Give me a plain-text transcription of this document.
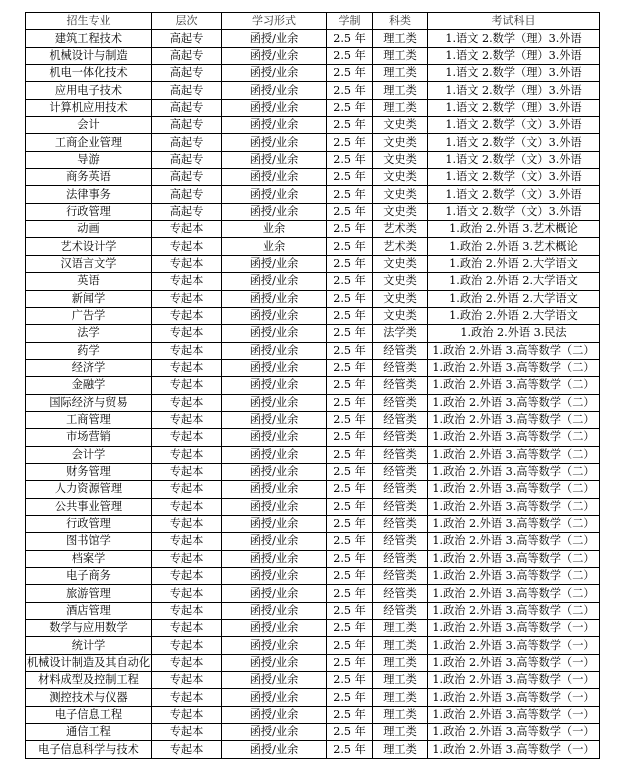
招生专业	层次	学习形式	学制	科类	考试科目
建筑工程技术	高起专	函授/业余	2.5 年	理工类	1.语文 2.数学（理）3.外语
机械设计与制造	高起专	函授/业余	2.5 年	理工类	1.语文 2.数学（理）3.外语
机电一体化技术	高起专	函授/业余	2.5 年	理工类	1.语文 2.数学（理）3.外语
应用电子技术	高起专	函授/业余	2.5 年	理工类	1.语文 2.数学（理）3.外语
计算机应用技术	高起专	函授/业余	2.5 年	理工类	1.语文 2.数学（理）3.外语
会计	高起专	函授/业余	2.5 年	文史类	1.语文 2.数学（文）3.外语
工商企业管理	高起专	函授/业余	2.5 年	文史类	1.语文 2.数学（文）3.外语
导游	高起专	函授/业余	2.5 年	文史类	1.语文 2.数学（文）3.外语
商务英语	高起专	函授/业余	2.5 年	文史类	1.语文 2.数学（文）3.外语
法律事务	高起专	函授/业余	2.5 年	文史类	1.语文 2.数学（文）3.外语
行政管理	高起专	函授/业余	2.5 年	文史类	1.语文 2.数学（文）3.外语
动画	专起本	业余	2.5 年	艺术类	1.政治 2.外语 3.艺术概论
艺术设计学	专起本	业余	2.5 年	艺术类	1.政治 2.外语 3.艺术概论
汉语言文学	专起本	函授/业余	2.5 年	文史类	1.政治 2.外语 2.大学语文
英语	专起本	函授/业余	2.5 年	文史类	1.政治 2.外语 2.大学语文
新闻学	专起本	函授/业余	2.5 年	文史类	1.政治 2.外语 2.大学语文
广告学	专起本	函授/业余	2.5 年	文史类	1.政治 2.外语 2.大学语文
法学	专起本	函授/业余	2.5 年	法学类	1.政治 2.外语 3.民法
药学	专起本	函授/业余	2.5 年	经管类	1.政治 2.外语 3.高等数学（二）
经济学	专起本	函授/业余	2.5 年	经管类	1.政治 2.外语 3.高等数学（二）
金融学	专起本	函授/业余	2.5 年	经管类	1.政治 2.外语 3.高等数学（二）
国际经济与贸易	专起本	函授/业余	2.5 年	经管类	1.政治 2.外语 3.高等数学（二）
工商管理	专起本	函授/业余	2.5 年	经管类	1.政治 2.外语 3.高等数学（二）
市场营销	专起本	函授/业余	2.5 年	经管类	1.政治 2.外语 3.高等数学（二）
会计学	专起本	函授/业余	2.5 年	经管类	1.政治 2.外语 3.高等数学（二）
财务管理	专起本	函授/业余	2.5 年	经管类	1.政治 2.外语 3.高等数学（二）
人力资源管理	专起本	函授/业余	2.5 年	经管类	1.政治 2.外语 3.高等数学（二）
公共事业管理	专起本	函授/业余	2.5 年	经管类	1.政治 2.外语 3.高等数学（二）
行政管理	专起本	函授/业余	2.5 年	经管类	1.政治 2.外语 3.高等数学（二）
图书馆学	专起本	函授/业余	2.5 年	经管类	1.政治 2.外语 3.高等数学（二）
档案学	专起本	函授/业余	2.5 年	经管类	1.政治 2.外语 3.高等数学（二）
电子商务	专起本	函授/业余	2.5 年	经管类	1.政治 2.外语 3.高等数学（二）
旅游管理	专起本	函授/业余	2.5 年	经管类	1.政治 2.外语 3.高等数学（二）
酒店管理	专起本	函授/业余	2.5 年	经管类	1.政治 2.外语 3.高等数学（二）
数学与应用数学	专起本	函授/业余	2.5 年	理工类	1.政治 2.外语 3.高等数学（一）
统计学	专起本	函授/业余	2.5 年	理工类	1.政治 2.外语 3.高等数学（一）
机械设计制造及其自动化	专起本	函授/业余	2.5 年	理工类	1.政治 2.外语 3.高等数学（一）
材料成型及控制工程	专起本	函授/业余	2.5 年	理工类	1.政治 2.外语 3.高等数学（一）
测控技术与仪器	专起本	函授/业余	2.5 年	理工类	1.政治 2.外语 3.高等数学（一）
电子信息工程	专起本	函授/业余	2.5 年	理工类	1.政治 2.外语 3.高等数学（一）
通信工程	专起本	函授/业余	2.5 年	理工类	1.政治 2.外语 3.高等数学（一）
电子信息科学与技术	专起本	函授/业余	2.5 年	理工类	1.政治 2.外语 3.高等数学（一）
